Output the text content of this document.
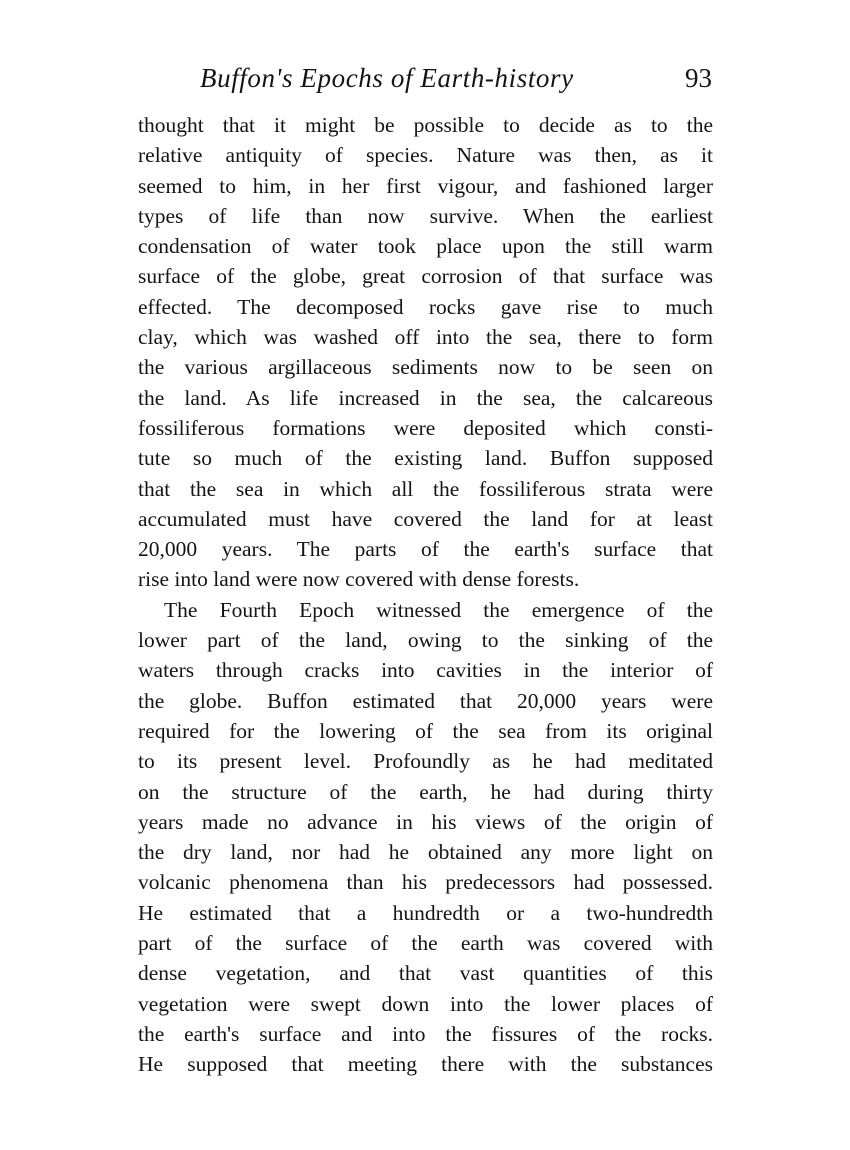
Buffon's Epochs of Earth-history	93
thought that it might be possible to decide as to the
relative antiquity of species. Nature was then, as it
seemed to him, in her first vigour, and fashioned larger
types of life than now survive. When the earliest
condensation of water took place upon the still warm
surface of the globe, great corrosion of that surface was
effected. The decomposed rocks gave rise to much
clay, which was washed off into the sea, there to form
the various argillaceous sediments now to be seen on
the land. As life increased in the sea, the calcareous
fossiliferous formations were deposited which consti-
tute so much of the existing land. Buffon supposed
that the sea in which all the fossiliferous strata were
accumulated must have covered the land for at least
20,000 years. The parts of the earth's surface that
rise into land were now covered with dense forests.
The Fourth Epoch witnessed the emergence of the
lower part of the land, owing to the sinking of the
waters through cracks into cavities in the interior of
the globe. Buffon estimated that 20,000 years were
required for the lowering of the sea from its original
to its present level. Profoundly as he had meditated
on the structure of the earth, he had during thirty
years made no advance in his views of the origin of
the dry land, nor had he obtained any more light on
volcanic phenomena than his predecessors had possessed.
He estimated that a hundredth or a two-hundredth
part of the surface of the earth was covered with
dense vegetation, and that vast quantities of this
vegetation were swept down into the lower places of
the earth's surface and into the fissures of the rocks.
He supposed that meeting there with the substances
